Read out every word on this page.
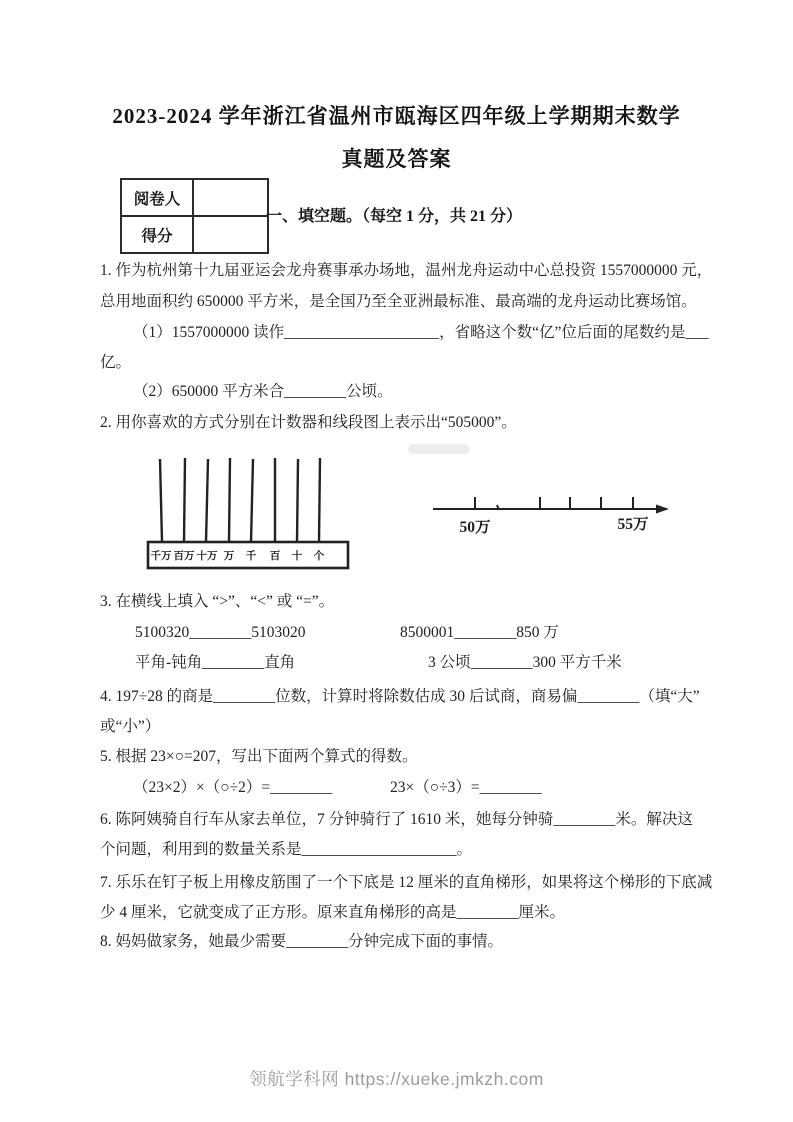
2023-2024 学年浙江省温州市瓯海区四年级上学期期末数学
真题及答案
阅卷人
得分
一、填空题。（每空 1 分，共 21 分）
1. 作为杭州第十九届亚运会龙舟赛事承办场地，温州龙舟运动中心总投资 1557000000 元，
总用地面积约 650000 平方米，是全国乃至全亚洲最标准、最高端的龙舟运动比赛场馆。
（1）1557000000 读作____________________，省略这个数“亿”位后面的尾数约是___
亿。
（2）650000 平方米合________公顷。
2. 用你喜欢的方式分别在计数器和线段图上表示出“505000”。
千万 百万 十万 万 千 百 十 个
50万	55万
3. 在横线上填入 “>”、“<” 或 “=”。
5100320________5103020	8500001________850 万
平角-钝角________直角	3 公顷________300 平方千米
4. 197÷28 的商是________位数，计算时将除数估成 30 后试商，商易偏________（填“大”
或“小”）
5. 根据 23×○=207，写出下面两个算式的得数。
（23×2）×（○÷2）=________	23×（○÷3）=________
6. 陈阿姨骑自行车从家去单位，7 分钟骑行了 1610 米，她每分钟骑________米。解决这
个问题，利用到的数量关系是____________________。
7. 乐乐在钉子板上用橡皮筋围了一个下底是 12 厘米的直角梯形，如果将这个梯形的下底减
少 4 厘米，它就变成了正方形。原来直角梯形的高是________厘米。
8. 妈妈做家务，她最少需要________分钟完成下面的事情。
领航学科网 https://xueke.jmkzh.com
